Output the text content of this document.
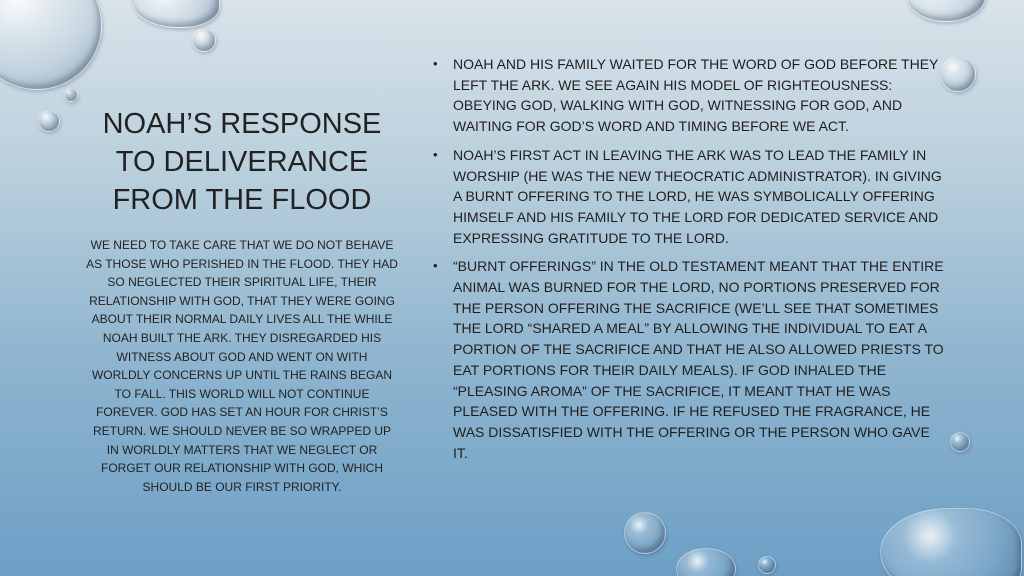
NOAH’S RESPONSE TO DELIVERANCE FROM THE FLOOD

WE NEED TO TAKE CARE THAT WE DO NOT BEHAVE AS THOSE WHO PERISHED IN THE FLOOD. THEY HAD SO NEGLECTED THEIR SPIRITUAL LIFE, THEIR RELATIONSHIP WITH GOD, THAT THEY WERE GOING ABOUT THEIR NORMAL DAILY LIVES ALL THE WHILE NOAH BUILT THE ARK. THEY DISREGARDED HIS WITNESS ABOUT GOD AND WENT ON WITH WORLDLY CONCERNS UP UNTIL THE RAINS BEGAN TO FALL. THIS WORLD WILL NOT CONTINUE FOREVER. GOD HAS SET AN HOUR FOR CHRIST’S RETURN. WE SHOULD NEVER BE SO WRAPPED UP IN WORLDLY MATTERS THAT WE NEGLECT OR FORGET OUR RELATIONSHIP WITH GOD, WHICH SHOULD BE OUR FIRST PRIORITY.

• NOAH AND HIS FAMILY WAITED FOR THE WORD OF GOD BEFORE THEY LEFT THE ARK. WE SEE AGAIN HIS MODEL OF RIGHTEOUSNESS: OBEYING GOD, WALKING WITH GOD, WITNESSING FOR GOD, AND WAITING FOR GOD’S WORD AND TIMING BEFORE WE ACT.
• NOAH’S FIRST ACT IN LEAVING THE ARK WAS TO LEAD THE FAMILY IN WORSHIP (HE WAS THE NEW THEOCRATIC ADMINISTRATOR). IN GIVING A BURNT OFFERING TO THE LORD, HE WAS SYMBOLICALLY OFFERING HIMSELF AND HIS FAMILY TO THE LORD FOR DEDICATED SERVICE AND EXPRESSING GRATITUDE TO THE LORD.
• “BURNT OFFERINGS” IN THE OLD TESTAMENT MEANT THAT THE ENTIRE ANIMAL WAS BURNED FOR THE LORD, NO PORTIONS PRESERVED FOR THE PERSON OFFERING THE SACRIFICE (WE’LL SEE THAT SOMETIMES THE LORD “SHARED A MEAL” BY ALLOWING THE INDIVIDUAL TO EAT A PORTION OF THE SACRIFICE AND THAT HE ALSO ALLOWED PRIESTS TO EAT PORTIONS FOR THEIR DAILY MEALS). IF GOD INHALED THE “PLEASING AROMA” OF THE SACRIFICE, IT MEANT THAT HE WAS PLEASED WITH THE OFFERING. IF HE REFUSED THE FRAGRANCE, HE WAS DISSATISFIED WITH THE OFFERING OR THE PERSON WHO GAVE IT.
